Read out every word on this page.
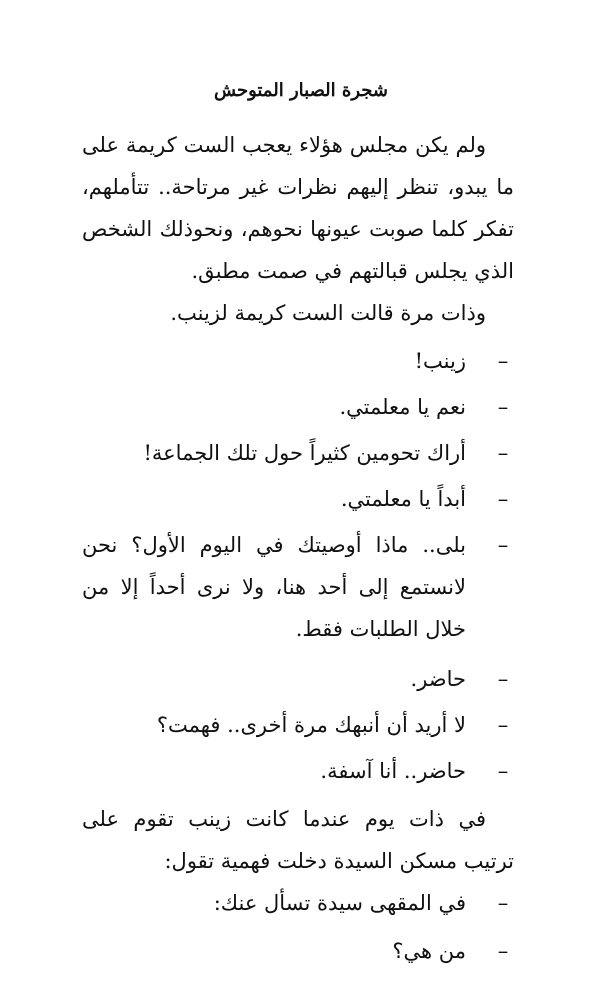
شجرة الصبار المتوحش

ولم يكن مجلس هؤلاء يعجب الست كريمة على ما يبدو، تنظر إليهم نظرات غير مرتاحة.. تتأملهم، تفكر كلما صوبت عيونها نحوهم، ونحوذلك الشخص الذي يجلس قبالتهم في صمت مطبق.

وذات مرة قالت الست كريمة لزينب.

–
زينب!
–
نعم يا معلمتي.
–
أراك تحومين كثيراً حول تلك الجماعة!
–
أبداً يا معلمتي.
–
بلى.. ماذا أوصيتك في اليوم الأول؟ نحن لانستمع إلى أحد هنا، ولا نرى أحداً إلا من خلال الطلبات فقط.
–
حاضر.
–
لا أريد أن أنبهك مرة أخرى.. فهمت؟
–
حاضر.. أنا آسفة.

في ذات يوم عندما كانت زينب تقوم على ترتيب مسكن السيدة دخلت فهمية تقول:

–
في المقهى سيدة تسأل عنك:
–
من هي؟
